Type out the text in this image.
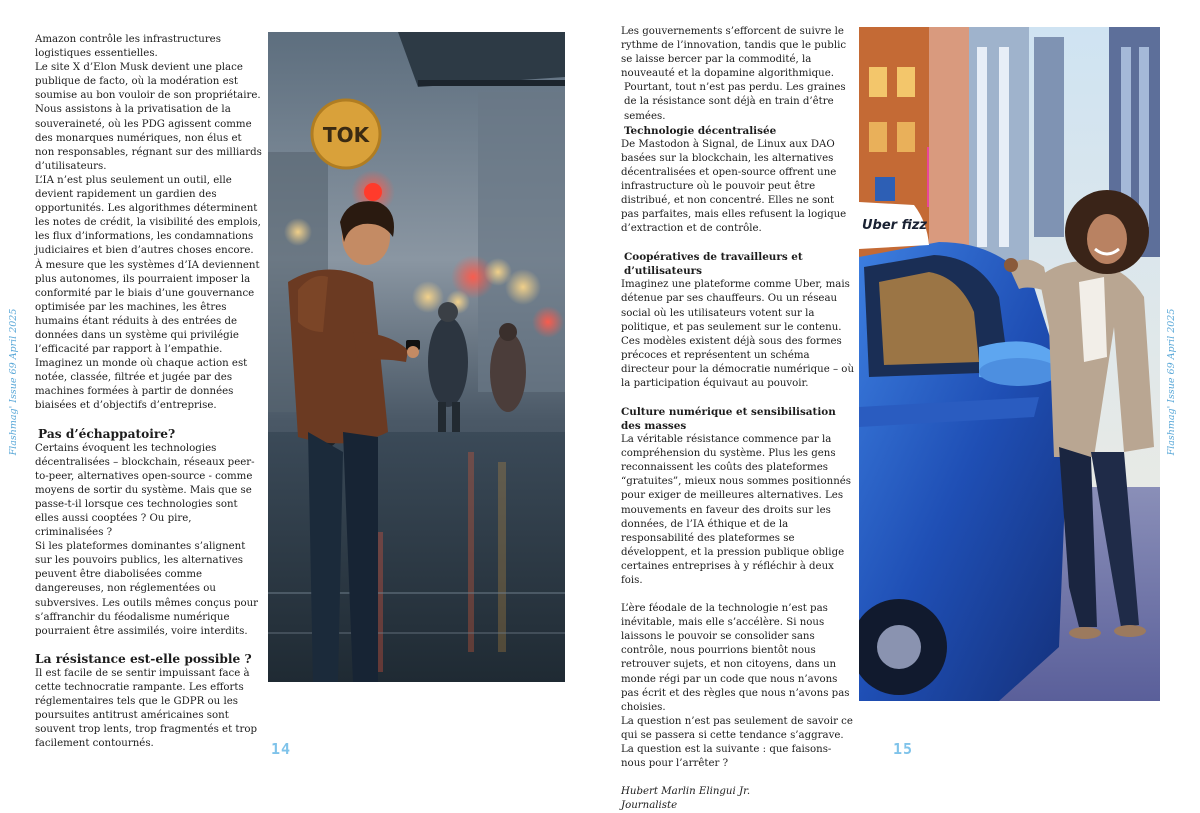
Flashmag' Issue 69 April 2025	Flashmag' Issue 69 April 2025

Amazon contrôle les infrastructures logistiques essentielles.

Le site X d’Elon Musk devient une place publique de facto, où la modération est soumise au bon vouloir de son propriétaire.

Nous assistons à la privatisation de la souveraineté, où les PDG agissent comme des monarques numériques, non élus et non responsables, régnant sur des milliards d’utilisateurs.

L’IA n’est plus seulement un outil, elle devient rapidement un gardien des opportunités. Les algorithmes déterminent les notes de crédit, la visibilité des emplois, les flux d’informations, les condamnations judiciaires et bien d’autres choses encore. À mesure que les systèmes d’IA deviennent plus autonomes, ils pourraient imposer la conformité par le biais d’une gouvernance optimisée par les machines, les êtres humains étant réduits à des entrées de données dans un système qui privilégie l’efficacité par rapport à l’empathie.

Imaginez un monde où chaque action est notée, classée, filtrée et jugée par des machines formées à partir de données biaisées et d’objectifs d’entreprise.

Pas d’échappatoire?

Certains évoquent les technologies décentralisées – blockchain, réseaux peer-to-peer, alternatives open-source - comme moyens de sortir du système. Mais que se passe-t-il lorsque ces technologies sont elles aussi cooptées ? Ou pire, criminalisées ?

Si les plateformes dominantes s’alignent sur les pouvoirs publics, les alternatives peuvent être diabolisées comme dangereuses, non réglementées ou subversives. Les outils mêmes conçus pour s’affranchir du féodalisme numérique pourraient être assimilés, voire interdits.

La résistance est-elle possible ?

Il est facile de se sentir impuissant face à cette technocratie rampante. Les efforts réglementaires tels que le GDPR ou les poursuites antitrust américaines sont souvent trop lents, trop fragmentés et trop facilement contournés.

TOK

Les gouvernements s’efforcent de suivre le rythme de l’innovation, tandis que le public se laisse bercer par la commodité, la nouveauté et la dopamine algorithmique.

Pourtant, tout n’est pas perdu. Les graines de la résistance sont déjà en train d’être semées.

Technologie décentralisée

De Mastodon à Signal, de Linux aux DAO basées sur la blockchain, les alternatives décentralisées et open-source offrent une infrastructure où le pouvoir peut être distribué, et non concentré. Elles ne sont pas parfaites, mais elles refusent la logique d’extraction et de contrôle.

Coopératives de travailleurs et d’utilisateurs

Imaginez une plateforme comme Uber, mais détenue par ses chauffeurs. Ou un réseau social où les utilisateurs votent sur la politique, et pas seulement sur le contenu. Ces modèles existent déjà sous des formes précoces et représentent un schéma directeur pour la démocratie numérique – où la participation équivaut au pouvoir.

Culture numérique et sensibilisation des masses

La véritable résistance commence par la compréhension du système. Plus les gens reconnaissent les coûts des plateformes “gratuites”, mieux nous sommes positionnés pour exiger de meilleures alternatives. Les mouvements en faveur des droits sur les données, de l’IA éthique et de la responsabilité des plateformes se développent, et la pression publique oblige certaines entreprises à y réfléchir à deux fois.

L’ère féodale de la technologie n’est pas inévitable, mais elle s’accélère. Si nous laissons le pouvoir se consolider sans contrôle, nous pourrions bientôt nous retrouver sujets, et non citoyens, dans un monde régi par un code que nous n’avons pas écrit et des règles que nous n’avons pas choisies.

La question n’est pas seulement de savoir ce qui se passera si cette tendance s’aggrave.

La question est la suivante : que faisons-nous pour l’arrêter ?

Hubert Marlin Elingui Jr.

Journaliste

Uber fizz
14	15
